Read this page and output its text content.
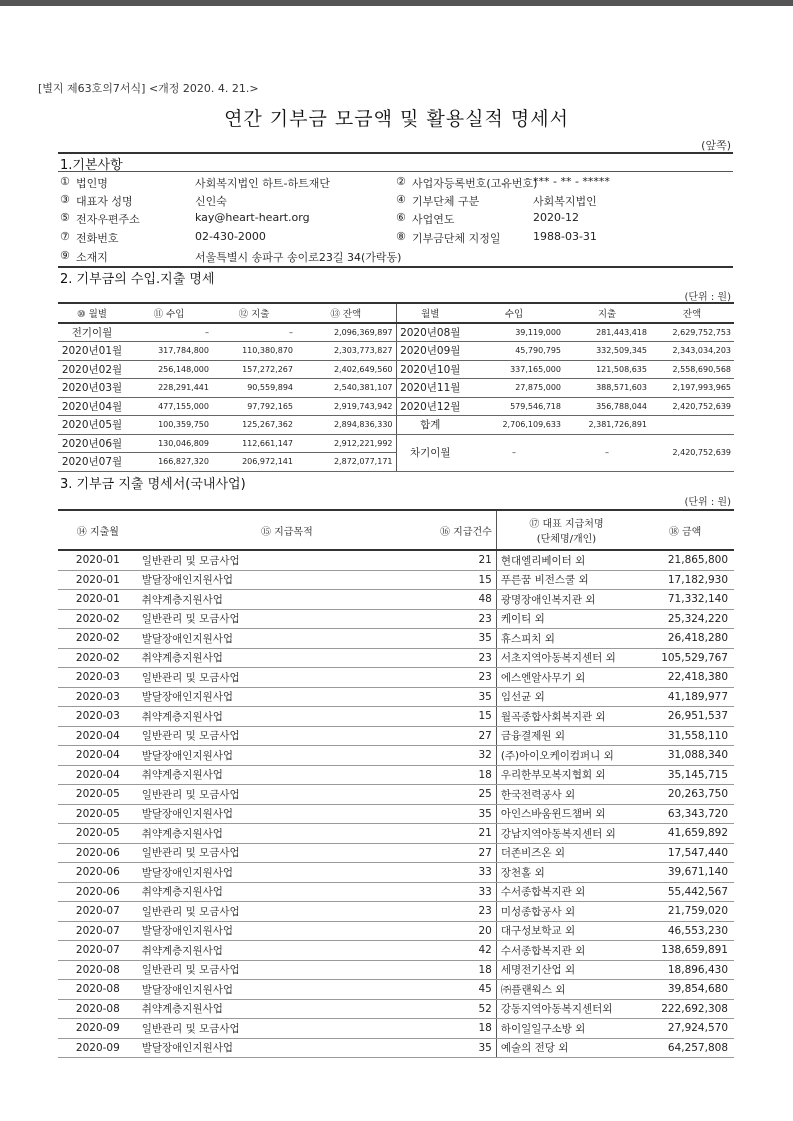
[별지 제63호의7서식] <개정 2020. 4. 21.>
연간 기부금 모금액 및 활용실적 명세서
(앞쪽)
1.기본사항
① 법인명	사회복지법인 하트-하트재단	② 사업자등록번호(고유번호)
*** - ** - *****
③ 대표자 성명	신인숙	④ 기부단체 구분	사회복지법인
⑤ 전자우편주소	kay@heart-heart.org	⑥ 사업연도	2020-12
⑦ 전화번호	02-430-2000	⑧ 기부금단체 지정일	1988-03-31
⑨ 소재지	서울특별시 송파구 송이로23길 34(가락동)
2. 기부금의 수입.지출 명세
(단위 : 원)
⑩ 월별	⑪ 수입	⑫ 지출	⑬ 잔액	월별	수입	지출	잔액
전기이월	–	–	2,096,369,897	2020년08월	39,119,000	281,443,418	2,629,752,753
2020년01월	317,784,800	110,380,870	2,303,773,827	2020년09월	45,790,795	332,509,345	2,343,034,203
2020년02월	256,148,000	157,272,267	2,402,649,560	2020년10월	337,165,000	121,508,635	2,558,690,568
2020년03월	228,291,441	90,559,894	2,540,381,107	2020년11월	27,875,000	388,571,603	2,197,993,965
2020년04월	477,155,000	97,792,165	2,919,743,942	2020년12월	579,546,718	356,788,044	2,420,752,639
2020년05월	100,359,750	125,267,362	2,894,836,330	합계	2,706,109,633	2,381,726,891	
2020년06월	130,046,809	112,661,147	2,912,221,992	차기이월	–	–	2,420,752,639
2020년07월	166,827,320	206,972,141	2,872,077,171				
3. 기부금 지출 명세서(국내사업)
(단위 : 원)
⑭ 지출월	⑮ 지급목적	⑯ 지급건수	⑰ 대표 지급처명
(단체명/개인)	⑱ 금액
2020-01	일반관리 및 모금사업	21	현대엘리베이터 외	21,865,800
2020-01	발달장애인지원사업	15	푸른꿈 비전스쿨 외	17,182,930
2020-01	취약계층지원사업	48	광명장애인복지관 외	71,332,140
2020-02	일반관리 및 모금사업	23	케이티 외	25,324,220
2020-02	발달장애인지원사업	35	휴스피치 외	26,418,280
2020-02	취약계층지원사업	23	서초지역아동복지센터 외	105,529,767
2020-03	일반관리 및 모금사업	23	에스엔알사무기 외	22,418,380
2020-03	발달장애인지원사업	35	임선균 외	41,189,977
2020-03	취약계층지원사업	15	월곡종합사회복지관 외	26,951,537
2020-04	일반관리 및 모금사업	27	금융결제원 외	31,558,110
2020-04	발달장애인지원사업	32	(주)아이오케이컴퍼니 외	31,088,340
2020-04	취약계층지원사업	18	우리한부모복지협회 외	35,145,715
2020-05	일반관리 및 모금사업	25	한국전력공사 외	20,263,750
2020-05	발달장애인지원사업	35	아인스바움윈드챔버 외	63,343,720
2020-05	취약계층지원사업	21	강남지역아동복지센터 외	41,659,892
2020-06	일반관리 및 모금사업	27	더존비즈온 외	17,547,440
2020-06	발달장애인지원사업	33	장천홀 외	39,671,140
2020-06	취약계층지원사업	33	수서종합복지관 외	55,442,567
2020-07	일반관리 및 모금사업	23	미성종합공사 외	21,759,020
2020-07	발달장애인지원사업	20	대구성보학교 외	46,553,230
2020-07	취약계층지원사업	42	수서종합복지관 외	138,659,891
2020-08	일반관리 및 모금사업	18	세명전기산업 외	18,896,430
2020-08	발달장애인지원사업	45	㈜플랜웍스 외	39,854,680
2020-08	취약계층지원사업	52	강동지역아동복지센터외	222,692,308
2020-09	일반관리 및 모금사업	18	하이일일구소방 외	27,924,570
2020-09	발달장애인지원사업	35	예술의 전당 외	64,257,808
